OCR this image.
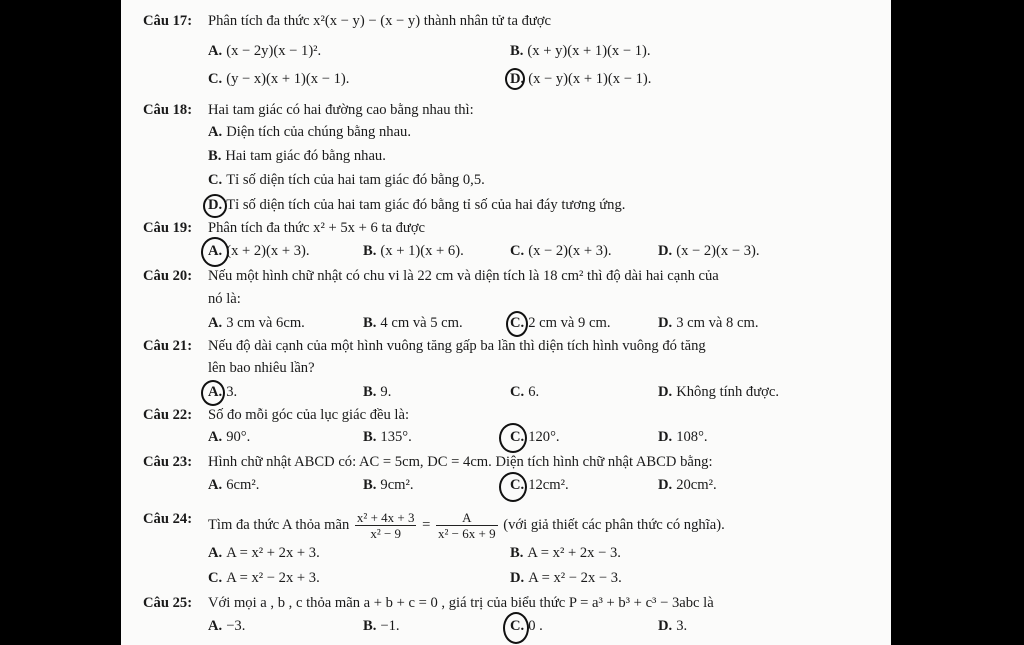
Câu 17: Phân tích đa thức x²(x − y) − (x − y) thành nhân tử ta được
A. (x − 2y)(x − 1)².	B. (x + y)(x + 1)(x − 1).
C. (y − x)(x + 1)(x − 1).	D. (x − y)(x + 1)(x − 1).
Câu 18: Hai tam giác có hai đường cao bằng nhau thì:
A. Diện tích của chúng bằng nhau.
B. Hai tam giác đó bằng nhau.
C. Tỉ số diện tích của hai tam giác đó bằng 0,5.
D. Tỉ số diện tích của hai tam giác đó bằng tỉ số của hai đáy tương ứng.
Câu 19: Phân tích đa thức x² + 5x + 6 ta được
A. (x + 2)(x + 3).	B. (x + 1)(x + 6).	C. (x − 2)(x + 3).	D. (x − 2)(x − 3).
Câu 20: Nếu một hình chữ nhật có chu vi là 22 cm và diện tích là 18 cm² thì độ dài hai cạnh của
nó là:
A. 3 cm và 6cm.	B. 4 cm và 5 cm.	C. 2 cm và 9 cm.	D. 3 cm và 8 cm.
Câu 21: Nếu độ dài cạnh của một hình vuông tăng gấp ba lần thì diện tích hình vuông đó tăng
lên bao nhiêu lần?
A. 3.	B. 9.	C. 6.	D. Không tính được.
Câu 22: Số đo mỗi góc của lục giác đều là:
A. 90°.	B. 135°.	C. 120°.	D. 108°.
Câu 23: Hình chữ nhật ABCD có: AC = 5cm, DC = 4cm. Diện tích hình chữ nhật ABCD bằng:
A. 6cm².	B. 9cm².	C. 12cm².	D. 20cm².
Câu 24: Tìm đa thức A thỏa mãn $\frac{\text{x² + 4x + 3}}{\text{x² − 9}} = \frac{A}{\text{x² − 6x + 9}}$ (với giả thiết các phân thức có nghĩa).
A. A = x² + 2x + 3.	B. A = x² + 2x − 3.
C. A = x² − 2x + 3.	D. A = x² − 2x − 3.
Câu 25: Với mọi a , b , c thỏa mãn a + b + c = 0 , giá trị của biểu thức P = a³ + b³ + c³ − 3abc là
A. −3.	B. −1.	C. 0 .	D. 3.
